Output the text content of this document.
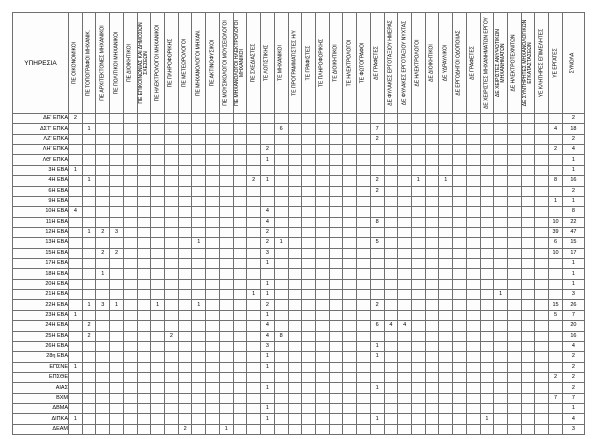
ΥΠΗΡΕΣΙΑ	ΠΕ ΟΙΚΟΝΟΜΙΚΟΙ	ΠΕ ΤΟΠΟΓΡΑΦΟΙ ΜΗΧΑΝΙΚ.	ΠΕ ΑΡΧΙΤΕΚΤΟΝΕΣ ΜΗΧΑΝΙΚΟΙ	ΠΕ ΠΟΛΙΤΙΚΟΙ ΜΗΧΑΝΙΚΟΙ	ΠΕ ΔΙΟΙΚΗΤΙΚΟΙ	ΠΕ ΕΠΙΚΟΙΝΩΝΙΑΣ ΚΑΙ ΔΗΜΟΣΙΩΝ ΣΧΕΣΕΩΝ	ΠΕ ΗΛΕΚΤΡΟΛΟΓΟΙ ΜΗΧΑΝΙΚΟΙ	ΠΕ ΠΛΗΡΟΦΟΡΙΚΗΣ	ΠΕ ΜΕΤΕΩΡΟΛΟΓΟΙ	ΠΕ ΜΗΧΑΝΟΛΟΓΟΙ ΜΗΧΑΝ.	ΠΕ ΑΚΤΙΝΟΦΥΣΙΚΟΙ	ΠΕ ΜΟΥΣΙΚΟΛΟΓΟΙ ΜΟΥΣΕΙΟΛΟΓΟΙ	ΠΕ ΜΗΧΑΝΟΛΟΓΟΙ ΗΛΕΚΤΡΟΛΟΓΟΙ ΜΗΧΑΝΙΚΟΙ	ΠΕ ΣΧΕΔΙΑΣΤΕΣ	ΤΕ ΛΟΓΙΣΤΙΚΗΣ	ΤΕ ΜΗΧΑΝΙΚΟΙ	ΤΕ ΠΡΟΓΡΑΜΜΑΤΙΣΤΕΣ Η/Υ	ΤΕ ΓΡΑΦΙΣΤΕΣ	ΤΕ ΠΛΗΡΟΦΟΡΙΚΗΣ	ΤΕ ΔΙΟΙΚΗΤΙΚΟΙ	ΤΕ ΗΛΕΚΤΡΟΛΟΓΟΙ	ΤΕ ΦΩΤΟΓΡΑΦΟΙ	ΔΕ ΓΡΑΦΕΤΕΣ	ΔΕ ΦΥΛΑΚΕΣ ΕΡΓΟΤΑΞΙΟΥ ΗΜΕΡΑΣ	ΔΕ ΦΥΛΑΚΕΣ ΕΡΓΟΤΑΞΙΟΥ ΝΥΧΤΑΣ	ΔΕ ΗΛΕΚΤΡΟΛΟΓΟΙ	ΔΕ ΔΙΟΙΚΗΤΙΚΟΙ	ΔΕ ΥΔΡΑΥΛΙΚΟΙ	ΔΕ ΕΡΓΟΔΗΓΟΙ ΟΔΟΠΟΙΙΑΣ	ΔΕ ΓΡΑΦΕΤΕΣ	ΔΕ ΧΕΙΡΙΣΤΕΣ ΜΗΧΑΝΗΜΑΤΩΝ ΕΡΓΟΥ	ΔΕ ΧΕΙΡΙΣΤΕΣ ΑΝΥΨΩΤΙΚΩΝ ΜΗΧΑΝΗΜΑΤΩΝ	ΔΕ ΗΛΕΚΤΡΟΤΕΧΝΙΤΩΝ	ΔΕ ΣΥΝΤΗΡΗΤΕΣ ΜΗΧΑΝΟΛΟΓΙΚΩΝ ΕΓΚΑΤΑΣΤΑΣΕΩΝ	ΥΕ ΚΛΗΤΗΡΕΣ ΕΠΙΜΕΛΗΤΕΣ	ΥΕ ΕΡΓΑΤΕΣ	ΣΥΝΟΛΑ

ΔΕ' ΕΠΚΑ	2																																				2
ΔΣΤ' ΕΠΚΑ		1														6							7													4	18
ΛΖ' ΕΠΚΑ																							2														2
ΛΗ' ΕΠΚΑ															2																					2	4
ΛΘ' ΕΠΚΑ															1																						1
3Η ΕΒΑ	1																																				1
4Η ΕΒΑ		1												2	1								2			1		1								8	16
6Η ΕΒΑ																							2														2
9Η ΕΒΑ																																				1	1
10Η ΕΒΑ	4														4																						8
11Η ΕΒΑ															4								8													10	22
12Η ΕΒΑ		1	2	3											2																					39	47
13Η ΕΒΑ										1					2	1							5													6	15
15Η ΕΒΑ			2	2											3																					10	17
17Η ΕΒΑ															1																						1
18Η ΕΒΑ			1																																		1
20Η ΕΒΑ															1																						1
21Η ΕΒΑ														1	1																	1					3
22Η ΕΒΑ		1	3	1			1			1					2								2													15	26
23Η ΕΒΑ	1														1																					5	7
24Η ΕΒΑ		2													4								6	4	4												20
25Η ΕΒΑ		2						2							4	8																					16
26Η ΕΒΑ															3								1														4
28η ΕΒΑ															1								1														2
ΕΠΣΝΕ	1														1																						2
ΕΠΣΘΕ																																				2	2
ΑΙΑΣ															1								1														2
ΒΧΜ																																				7	7
ΔΒΜΑ															1																						1
ΔΙΠΚΑ	1														1								1								1						4
ΔΕΑΜ									2			1																									3
